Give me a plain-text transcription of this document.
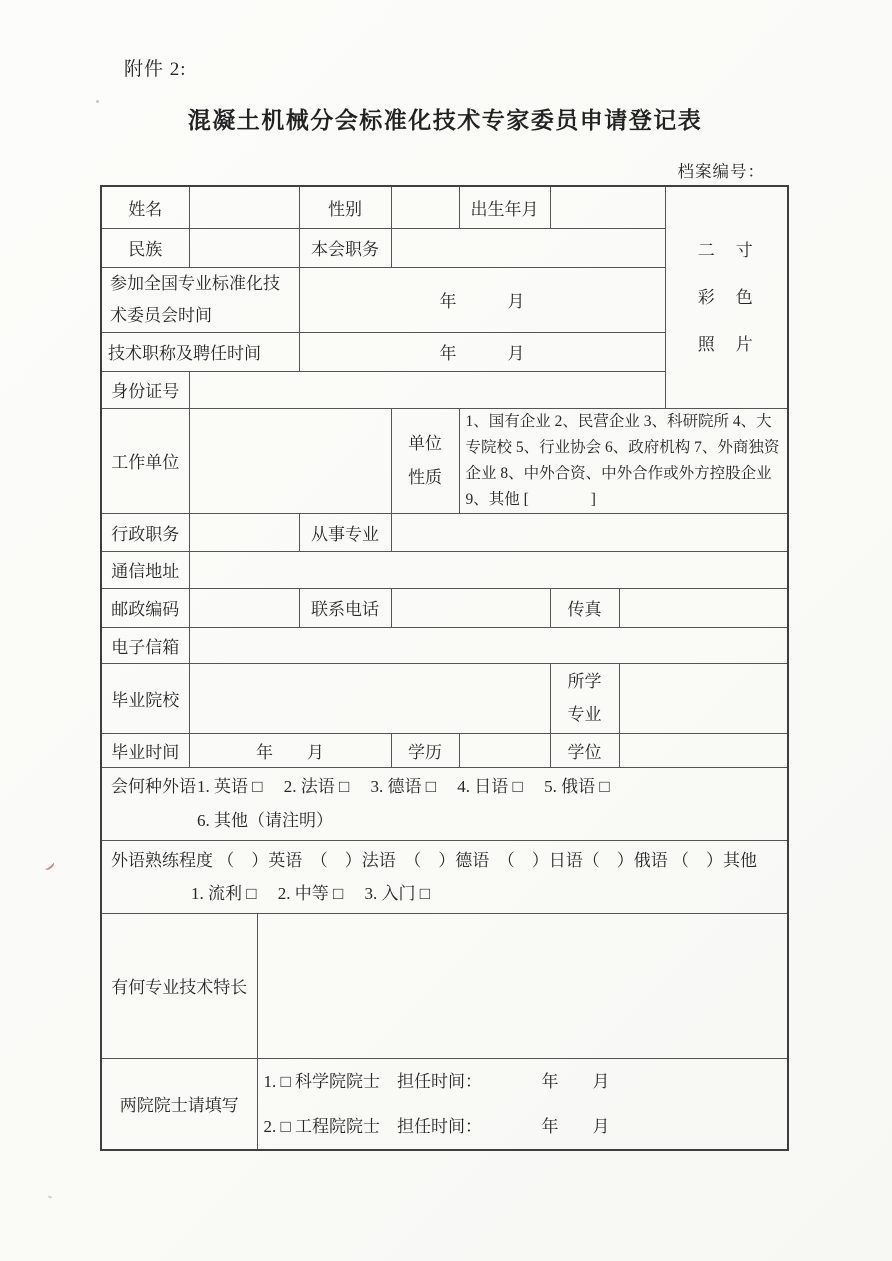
附件 2:
混凝土机械分会标准化技术专家委员申请登记表
档案编号：
姓名			性别		出生年月			二　寸
彩　色
照　片

民族			本会职务					

参加全国专业标准化技术委员会时间			年　　　月					
技术职称及聘任时间			年　　　月					
身份证号								
工作单位				单位性质	1、国有企业 2、民营企业 3、科研院所 4、大专院校 5、行业协会 6、政府机构 7、外商独资企业 8、中外合资、中外合作或外方控股企业 9、其他 [　　　　]			
行政职务			从事专业					
通信地址								
邮政编码			联系电话			传真		
电子信箱								
毕业院校						所学专业		
毕业时间	年　　月			学历		学位		

会何种外语 1. 英语 □　 2. 法语 □　 3. 德语 □　 4. 日语 □　 5. 俄语 □
6. 其他（请注明）								

外语熟练程度 （　）英语　（　）法语　（　）德语　（　）日语（　）俄语 （　）其他
1. 流利 □　 2. 中等 □　 3. 入门 □								

有何专业技术特长								
两院院士请填写		1. □ 科学院院士　担任时间：　　　　年　　月
2. □ 工程院院士　担任时间：　　　　年　　月						
